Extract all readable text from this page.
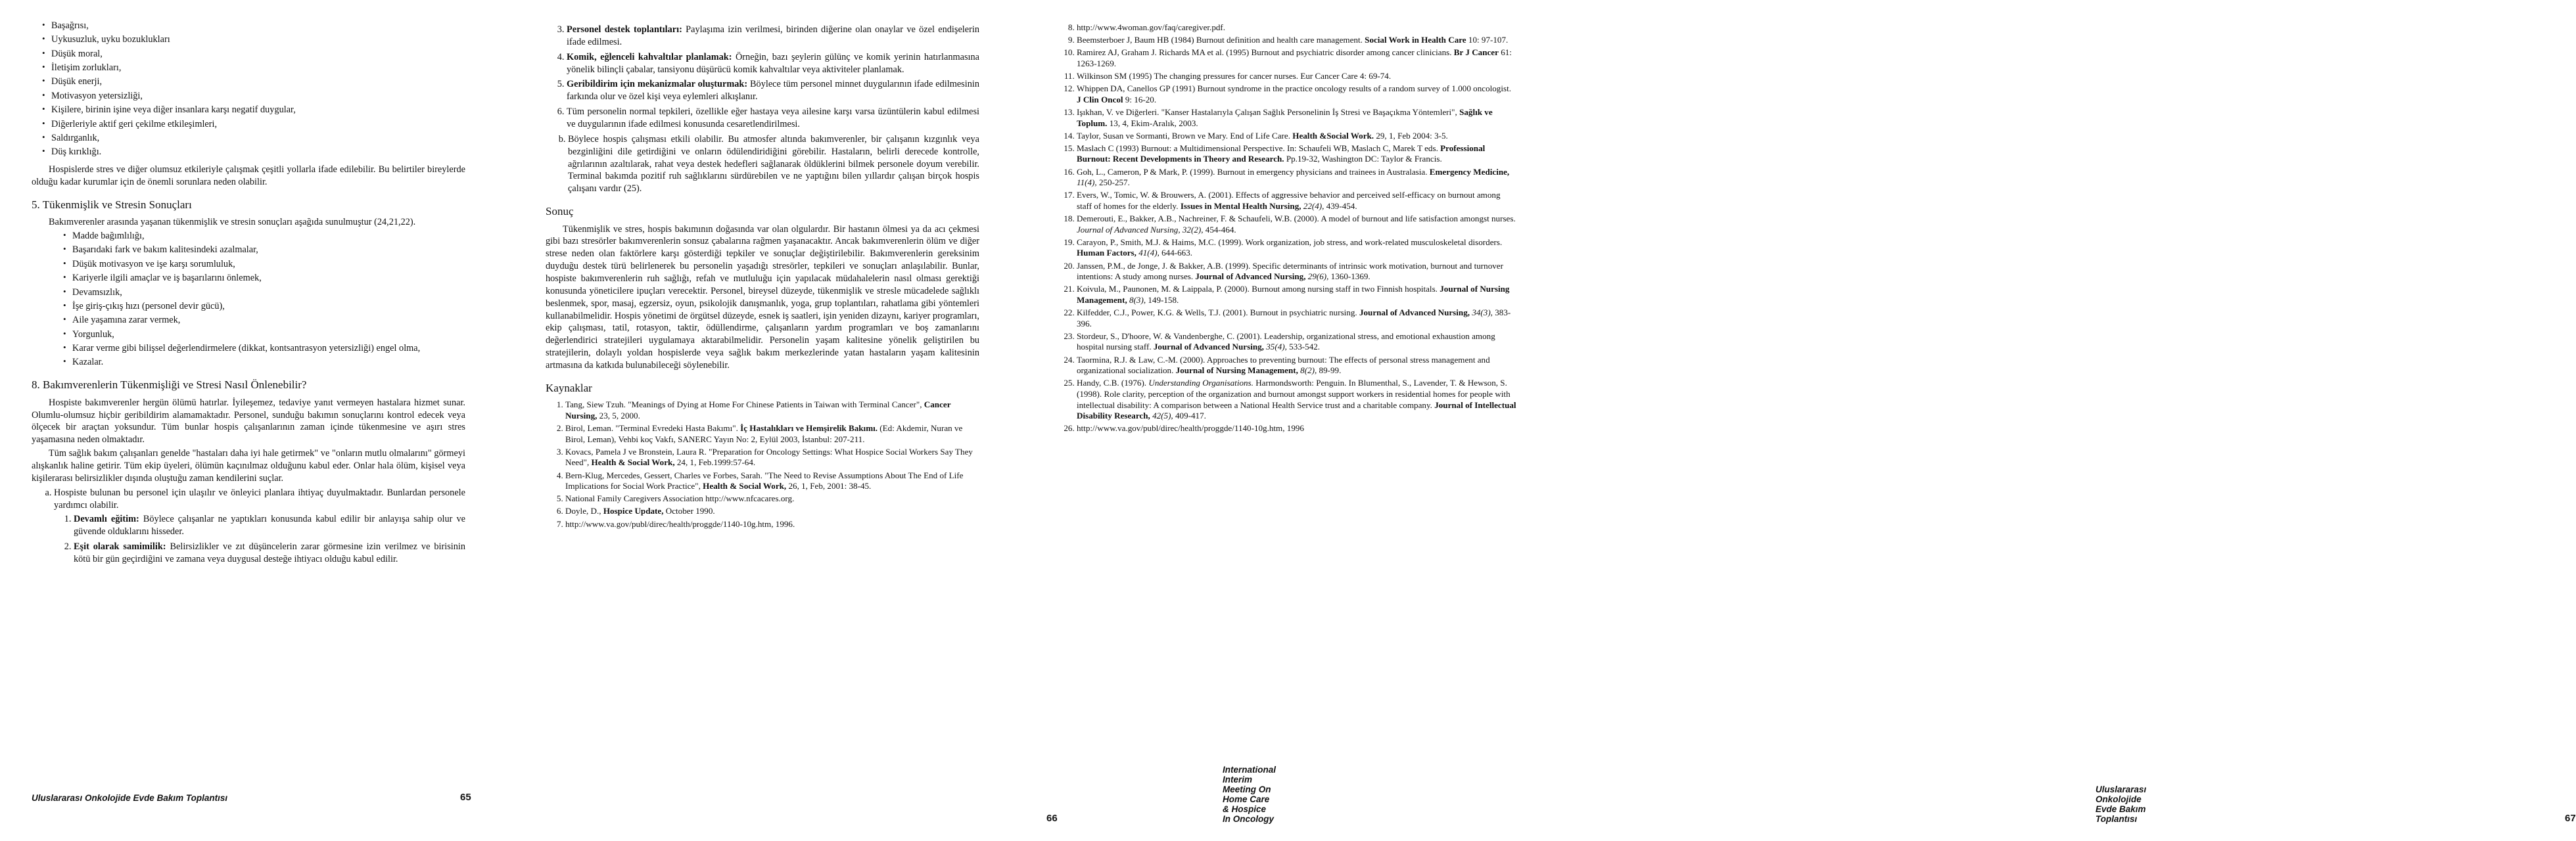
• Başağrısı,
• Uykusuzluk, uyku bozuklukları
• Düşük moral,
• İletişim zorlukları,
• Düşük enerji,
• Motivasyon yetersizliği,
• Kişilere, birinin işine veya diğer insanlara karşı negatif duygular,
• Diğerleriyle aktif geri çekilme etkileşimleri,
• Saldırganlık,
• Düş kırıklığı.

Hospislerde stres ve diğer olumsuz etkileriyle çalışmak çeşitli yollarla ifade edilebilir. Bu belirtiler bireylerde olduğu kadar kurumlar için de önemli sorunlara neden olabilir.

5. Tükenmişlik ve Stresin Sonuçları

Bakımverenler arasında yaşanan tükenmişlik ve stresin sonuçları aşağıda sunulmuştur (24,21,22).

• Madde bağımlılığı,
• Başarıdaki fark ve bakım kalitesindeki azalmalar,
• Düşük motivasyon ve işe karşı sorumluluk,
• Kariyerle ilgili amaçlar ve iş başarılarını önlemek,
• Devamsızlık,
• İşe giriş-çıkış hızı (personel devir gücü),
• Aile yaşamına zarar vermek,
• Yorgunluk,
• Karar verme gibi bilişsel değerlendirmelere (dikkat, kontsantrasyon yetersizliği) engel olma,
• Kazalar.
8. Bakımverenlerin Tükenmişliği ve Stresi Nasıl Önlenebilir?

Hospiste bakımverenler hergün ölümü hatırlar. İyileşemez, tedaviye yanıt vermeyen hastalara hizmet sunar. Olumlu-olumsuz hiçbir geribildirim alamamaktadır. Personel, sunduğu bakımın sonuçlarını kontrol edecek veya ölçecek bir araçtan yoksundur. Tüm bunlar hospis çalışanlarının zaman içinde tükenmesine ve aşırı stres yaşamasına neden olmaktadır.

Tüm sağlık bakım çalışanları genelde "hastaları daha iyi hale getirmek" ve "onların mutlu olmalarını" görmeyi alışkanlık haline getirir. Tüm ekip üyeleri, ölümün kaçınılmaz olduğunu kabul eder. Onlar hala ölüm, kişisel veya kişilerarası belirsizlikler dışında oluştuğu zaman kendilerini suçlar.

a. Hospiste bulunan bu personel için ulaşılır ve önleyici planlara ihtiyaç duyulmaktadır. Bunlardan personele yardımcı olabilir.
1. Devamlı eğitim: Böylece çalışanlar ne yaptıkları konusunda kabul edilir bir anlayışa sahip olur ve güvende olduklarını hisseder.
2. Eşit olarak samimilik: Belirsizlikler ve zıt düşüncelerin zarar görmesine izin verilmez ve birisinin kötü bir gün geçirdiğini ve zamana veya duygusal desteğe ihtiyacı olduğu kabul edilir.
Uluslararası Onkolojide Evde Bakım Toplantısı	65
3. Personel destek toplantıları: Paylaşıma izin verilmesi, birinden diğerine olan onaylar ve özel endişelerin ifade edilmesi.
4. Komik, eğlenceli kahvaltılar planlamak: Örneğin, bazı şeylerin gülünç ve komik yerinin hatırlanmasına yönelik bilinçli çabalar, tansiyonu düşürücü komik kahvaltılar veya aktiviteler planlamak.
5. Geribildirim için mekanizmalar oluşturmak: Böylece tüm personel minnet duygularının ifade edilmesinin farkında olur ve özel kişi veya eylemleri alkışlanır.
6. Tüm personelin normal tepkileri, özellikle eğer hastaya veya ailesine karşı varsa üzüntülerin kabul edilmesi ve duygularının ifade edilmesi konusunda cesaretlendirilmesi.
b. Böylece hospis çalışması etkili olabilir. Bu atmosfer altında bakımverenler, bir çalışanın kızgınlık veya bezginliğini dile getirdiğini ve onların ödülendiridiğini görebilir. Hastaların, belirli derecede kontrolle, ağrılarının azaltılarak, rahat veya destek hedefleri sağlanarak öldüklerini bilmek personele doyum verebilir. Terminal bakımda pozitif ruh sağlıklarını sürdürebilen ve ne yaptığını bilen yıllardır çalışan birçok hospis çalışanı vardır (25).
Sonuç

Tükenmişlik ve stres, hospis bakımının doğasında var olan olgulardır. Bir hastanın ölmesi ya da acı çekmesi gibi bazı stresörler bakımverenlerin sonsuz çabalarına rağmen yaşanacaktır. Ancak bakımverenlerin ölüm ve diğer strese neden olan faktörlere karşı gösterdiği tepkiler ve sonuçlar değiştirilebilir. Bakımverenlerin gereksinim duyduğu destek türü belirlenerek bu personelin yaşadığı stresörler, tepkileri ve sonuçları anlaşılabilir. Bunlar, hospiste bakımverenlerin ruh sağlığı, refah ve mutluluğu için yapılacak müdahalelerin nasıl olması gerektiği konusunda yöneticilere ipuçları verecektir. Personel, bireysel düzeyde, tükenmişlik ve stresle mücadelede sağlıklı beslenmek, spor, masaj, egzersiz, oyun, psikolojik danışmanlık, yoga, grup toplantıları, rahatlama gibi yöntemleri kullanabilmelidir. Hospis yönetimi de örgütsel düzeyde, esnek iş saatleri, işin yeniden dizaynı, kariyer programları, ekip çalışması, tatil, rotasyon, taktir, ödüllendirme, çalışanların yardım programları ve boş zamanlarını değerlendirici stratejileri uygulamaya aktarabilmelidir. Personelin yaşam kalitesine yönelik geliştirilen bu stratejilerin, dolaylı yoldan hospislerde veya sağlık bakım merkezlerinde yatan hastaların yaşam kalitesinin artmasına da katkıda bulunabileceği söylenebilir.

Kaynaklar
1. Tang, Siew Tzuh. "Meanings of Dying at Home For Chinese Patients in Taiwan with Terminal Cancer", Cancer Nursing, 23, 5, 2000.
2. Birol, Leman. "Terminal Evredeki Hasta Bakımı". İç Hastalıkları ve Hemşirelik Bakımı. (Ed: Akdemir, Nuran ve Birol, Leman), Vehbi koç Vakfı, SANERC Yayın No: 2, Eylül 2003, İstanbul: 207-211.
3. Kovacs, Pamela J ve Bronstein, Laura R. "Preparation for Oncology Settings: What Hospice Social Workers Say They Need", Health & Social Work, 24, 1, Feb.1999:57-64.
4. Bern-Klug, Mercedes, Gessert, Charles ve Forbes, Sarah. "The Need to Revise Assumptions About The End of Life Implications for Social Work Practice", Health & Social Work, 26, 1, Feb, 2001: 38-45.
5. National Family Caregivers Association http://www.nfcacares.org.
6. Doyle, D., Hospice Update, October 1990.
7. http://www.va.gov/publ/direc/health/proggde/1140-10g.htm, 1996.
66
International Interim Meeting On Home Care & Hospice In Oncology
8. http://www.4woman.gov/faq/caregiver.pdf.
9. Beemsterboer J, Baum HB (1984) Burnout definition and health care management. Social Work in Health Care 10: 97-107.
10. Ramirez AJ, Graham J. Richards MA et al. (1995) Burnout and psychiatric disorder among cancer clinicians. Br J Cancer 61: 1263-1269.
11. Wilkinson SM (1995) The changing pressures for cancer nurses. Eur Cancer Care 4: 69-74.
12. Whippen DA, Canellos GP (1991) Burnout syndrome in the practice oncology results of a random survey of 1.000 oncologist. J Clin Oncol 9: 16-20.
13. Işıkhan, V. ve Diğerleri. "Kanser Hastalarıyla Çalışan Sağlık Personelinin İş Stresi ve Başaçıkma Yöntemleri", Sağlık ve Toplum. 13, 4, Ekim-Aralık, 2003.
14. Taylor, Susan ve Sormanti, Brown ve Mary. End of Life Care. Health &Social Work. 29, 1, Feb 2004: 3-5.
15. Maslach C (1993) Burnout: a Multidimensional Perspective. In: Schaufeli WB, Maslach C, Marek T eds. Professional Burnout: Recent Developments in Theory and Research. Pp.19-32, Washington DC: Taylor & Francis.
16. Goh, L., Cameron, P & Mark, P. (1999). Burnout in emergency physicians and trainees in Australasia. Emergency Medicine, 11(4), 250-257.
17. Evers, W., Tomic, W. & Brouwers, A. (2001). Effects of aggressive behavior and perceived self-efficacy on burnout among staff of homes for the elderly. Issues in Mental Health Nursing, 22(4), 439-454.
18. Demerouti, E., Bakker, A.B., Nachreiner, F. & Schaufeli, W.B. (2000). A model of burnout and life satisfaction amongst nurses. Journal of Advanced Nursing, 32(2), 454-464.
19. Carayon, P., Smith, M.J. & Haims, M.C. (1999). Work organization, job stress, and work-related musculoskeletal disorders. Human Factors, 41(4), 644-663.
20. Janssen, P.M., de Jonge, J. & Bakker, A.B. (1999). Specific determinants of intrinsic work motivation, burnout and turnover intentions: A study among nurses. Journal of Advanced Nursing, 29(6), 1360-1369.
21. Koivula, M., Paunonen, M. & Laippala, P. (2000). Burnout among nursing staff in two Finnish hospitals. Journal of Nursing Management, 8(3), 149-158.
22. Kilfedder, C.J., Power, K.G. & Wells, T.J. (2001). Burnout in psychiatric nursing. Journal of Advanced Nursing, 34(3), 383-396.
23. Stordeur, S., D'hoore, W. & Vandenberghe, C. (2001). Leadership, organizational stress, and emotional exhaustion among hospital nursing staff. Journal of Advanced Nursing, 35(4), 533-542.
24. Taormina, R.J. & Law, C.-M. (2000). Approaches to preventing burnout: The effects of personal stress management and organizational socialization. Journal of Nursing Management, 8(2), 89-99.
25. Handy, C.B. (1976). Understanding Organisations. Harmondsworth: Penguin. In Blumenthal, S., Lavender, T. & Hewson, S. (1998). Role clarity, perception of the organization and burnout amongst support workers in residential homes for people with intellectual disability: A comparison between a National Health Service trust and a charitable company. Journal of Intellectual Disability Research, 42(5), 409-417.
26. http://www.va.gov/publ/direc/health/proggde/1140-10g.htm, 1996
Uluslararası Onkolojide Evde Bakım Toplantısı	67
